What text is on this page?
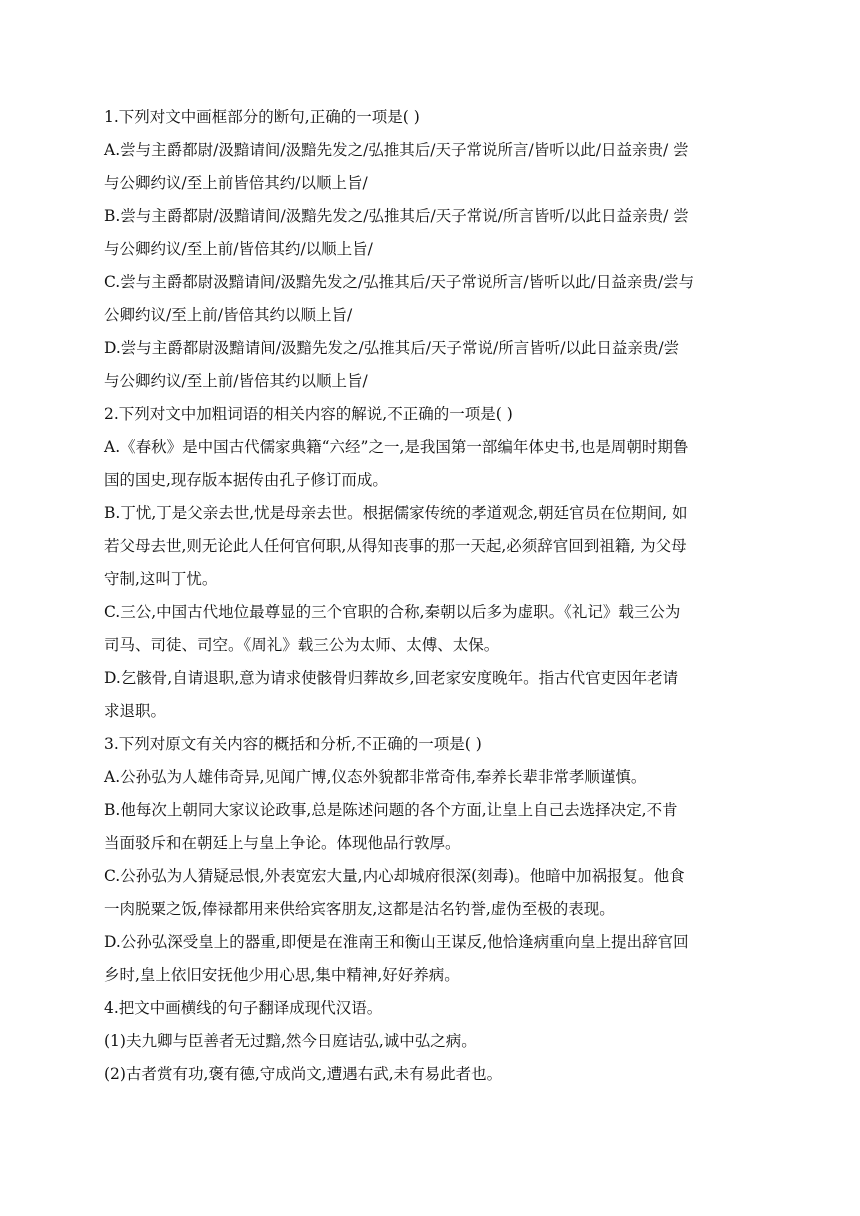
1.下列对文中画框部分的断句,正确的一项是( )
A.尝与主爵都尉/汲黯请间/汲黯先发之/弘推其后/天子常说所言/皆听以此/日益亲贵/ 尝
与公卿约议/至上前皆倍其约/以顺上旨/
B.尝与主爵都尉/汲黯请间/汲黯先发之/弘推其后/天子常说/所言皆听/以此日益亲贵/ 尝
与公卿约议/至上前/皆倍其约/以顺上旨/
C.尝与主爵都尉汲黯请间/汲黯先发之/弘推其后/天子常说所言/皆听以此/日益亲贵/尝与
公卿约议/至上前/皆倍其约以顺上旨/
D.尝与主爵都尉汲黯请间/汲黯先发之/弘推其后/天子常说/所言皆听/以此日益亲贵/尝
与公卿约议/至上前/皆倍其约以顺上旨/
2.下列对文中加粗词语的相关内容的解说,不正确的一项是( )
A.《春秋》是中国古代儒家典籍“六经”之一,是我国第一部编年体史书,也是周朝时期鲁
国的国史,现存版本据传由孔子修订而成。
B.丁忧,丁是父亲去世,忧是母亲去世。根据儒家传统的孝道观念,朝廷官员在位期间, 如
若父母去世,则无论此人任何官何职,从得知丧事的那一天起,必须辞官回到祖籍, 为父母
守制,这叫丁忧。
C.三公,中国古代地位最尊显的三个官职的合称,秦朝以后多为虚职。《礼记》载三公为
司马、司徒、司空。《周礼》载三公为太师、太傅、太保。
D.乞骸骨,自请退职,意为请求使骸骨归葬故乡,回老家安度晚年。指古代官吏因年老请
求退职。
3.下列对原文有关内容的概括和分析,不正确的一项是( )
A.公孙弘为人雄伟奇异,见闻广博,仪态外貌都非常奇伟,奉养长辈非常孝顺谨慎。
B.他每次上朝同大家议论政事,总是陈述问题的各个方面,让皇上自己去选择决定,不肯
当面驳斥和在朝廷上与皇上争论。体现他品行敦厚。
C.公孙弘为人猜疑忌恨,外表宽宏大量,内心却城府很深(刻毒)。他暗中加祸报复。他食
一肉脱粟之饭,俸禄都用来供给宾客朋友,这都是沽名钓誉,虚伪至极的表现。
D.公孙弘深受皇上的器重,即便是在淮南王和衡山王谋反,他恰逢病重向皇上提出辞官回
乡时,皇上依旧安抚他少用心思,集中精神,好好养病。
4.把文中画横线的句子翻译成现代汉语。
(1)夫九卿与臣善者无过黯,然今日庭诘弘,诚中弘之病。
(2)古者赏有功,褒有德,守成尚文,遭遇右武,未有易此者也。
